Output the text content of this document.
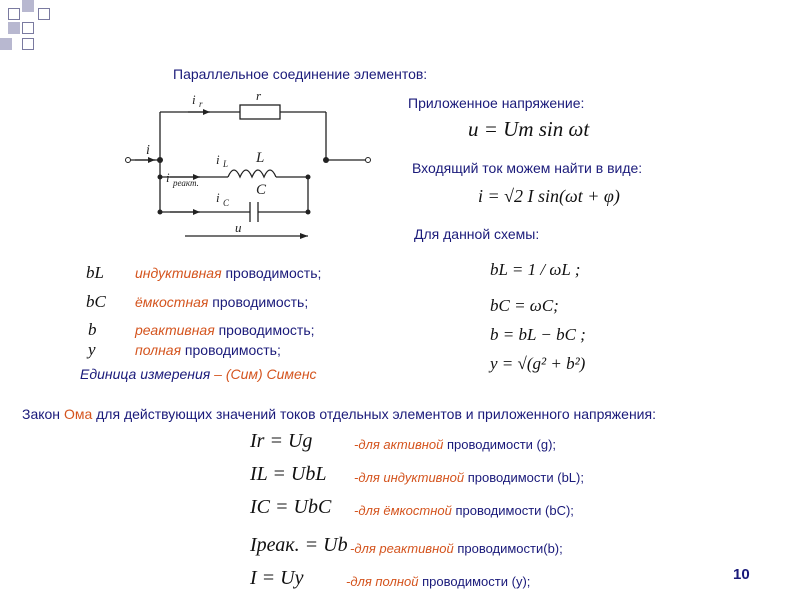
Параллельное соединение элементов:
i r
r
i
i L L
C
i реакт.
i C
u
Приложенное напряжение:
u = Um sin ωt
Входящий ток можем найти в виде:
i = √2 I sin(ωt + φ)
Для данной схемы:
bL = 1 / ωL ;
bC = ωC;
b = bL − bC ;
y = √(g² + b²)
bL индуктивная проводимость;
bC ёмкостная проводимость;
b	реактивная проводимость;
y	полная проводимость;
Единица измерения – (Сим) Сименс
Закон Ома для действующих значений токов отдельных элементов и приложенного напряжения:
Ir = Ug	-для активной проводимости (g);
IL = UbL -для индуктивной проводимости (bL);
IC = UbC -для ёмкостной проводимости (bC);
Iреак. = Ub -для реактивной проводимости(b);
I = Uy	-для полной проводимости (y);	10
